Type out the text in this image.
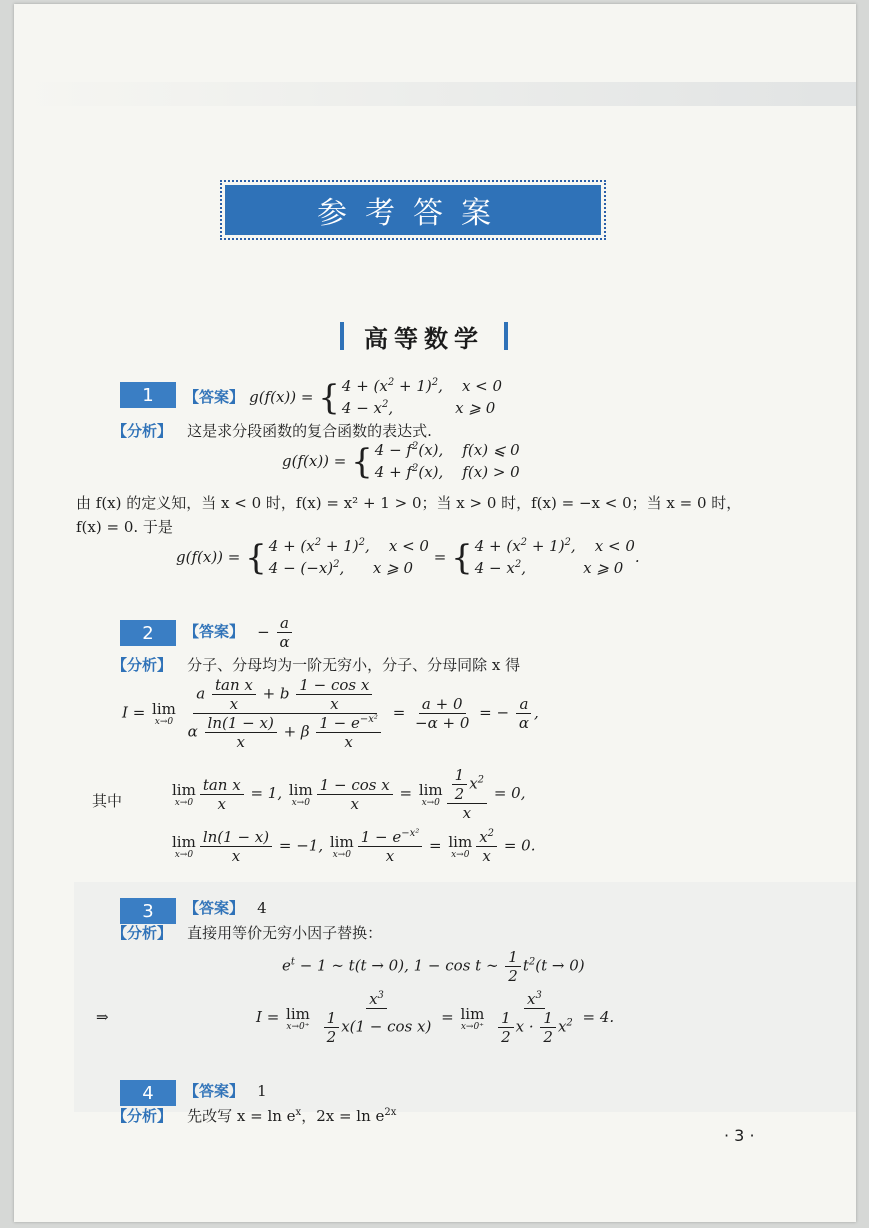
参考答案
高等数学
1	【答案】 g(f(x)) = { $4 + (x^2 + 1)^2$,    x < 0
$4 - x^2$,             x ⩾ 0
【分析】 这是求分段函数的复合函数的表达式.
g(f(x)) = { $4 - f^2(x)$,    f(x) ⩽ 0
$4 + f^2(x)$,    f(x) > 0
由 f(x) 的定义知，当 x < 0 时，f(x) = x² + 1 > 0；当 x > 0 时，f(x) = −x < 0；当 x = 0 时，
f(x) = 0. 于是
g(f(x)) = { $4 + (x^2 + 1)^2$,    x < 0
$4 - (-x)^2$,      x ⩾ 0
= { $4 + (x^2 + 1)^2$,    x < 0
$4 - x^2$,            x ⩾ 0
.
2	【答案】 − $\frac{a}{\alpha}$
【分析】 分子、分母均为一阶无穷小，分子、分母同除 x 得
I = lim
x→0
$\frac{a \frac{\text{tan x}}{x} + b \frac{\text{1 − cos x}}{x}}{\alpha \frac{\ln(1 - x)}{x} + \beta \frac{1 - e^{-x^2}}{x}} = \frac{a + 0}{-\alpha + 0}$ = − $\frac{a}{\alpha}$ ,
其中
lim
$x\to 0 \frac{\text{tan x}}{x} = 1$, lim
$x\to 0 \frac{\text{1 − cos x}}{x} = \lim$
$x\to 0 \frac{\frac{1}{2} x^2}{x} = 0$,
lim
$x\to 0 \frac{\ln(1 - x)}{x} = -1$, lim
$x\to 0 \frac{1 - e^{-x^2}}{x} = \lim$
$x\to 0 \frac{x^2}{x} = 0$.
3	【答案】 4
【分析】 直接用等价无穷小因子替换：
$e^t - 1$ ∼ t(t → 0), 1 − cos t ∼ $\frac{1}{2} t^2(t \to 0)$
⇒	I = lim
x→0⁺
$\frac{x^3}{\frac{1}{2} x(1 - \cos x)} = \lim$
x→0⁺
$\frac{x^3}{\frac{1}{2} x \cdot \frac{1}{2} x^2} = 4$.
4	【答案】 1
【分析】 先改写 $x = \ln e^x$，$2x = \ln e^{2x}$
· 3 ·
